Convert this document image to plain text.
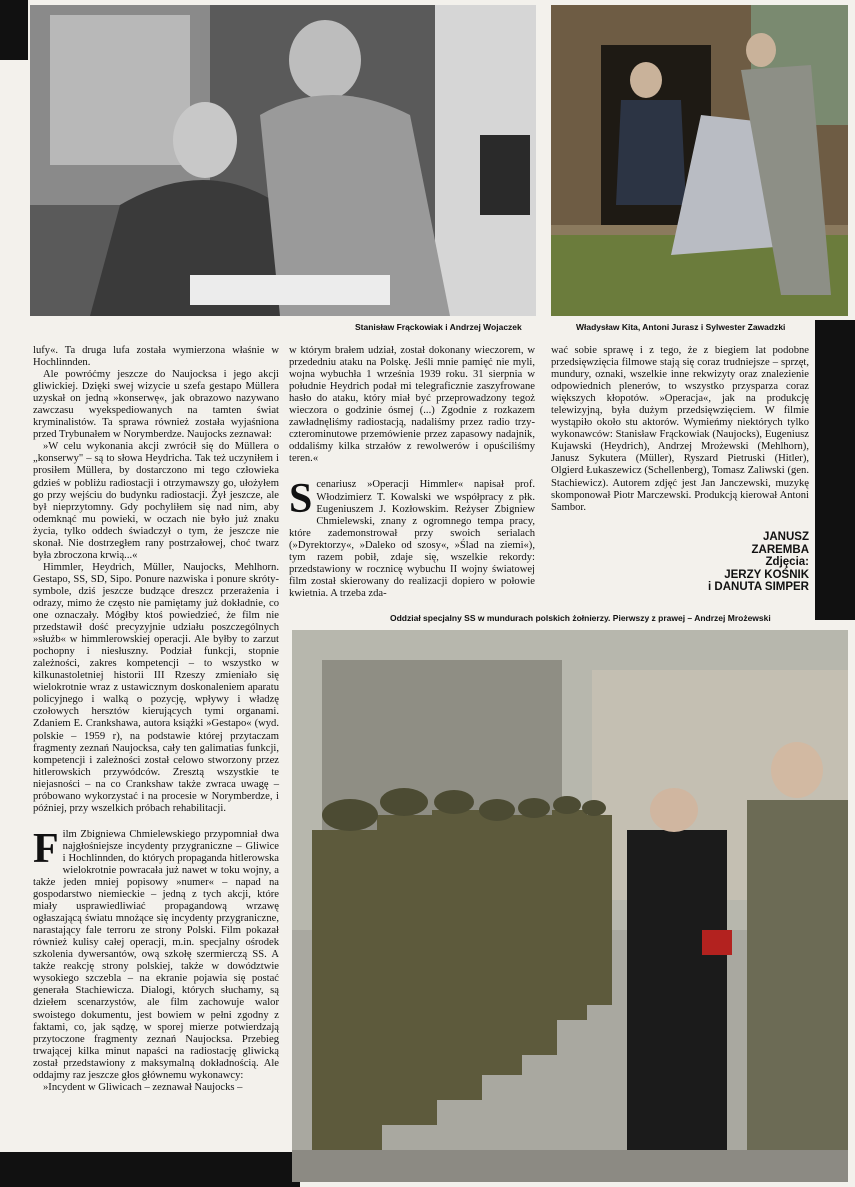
Stanisław Frąckowiak i Andrzej Wojaczek	Władysław Kita, Antoni Jurasz i Sylwester Zawadzki

lufy«. Ta druga lufa została wymierzona właśnie w Hochlinnden.

Ale powróćmy jeszcze do Naujocksa i jego akcji gliwickiej. Dzięki swej wizycie u szefa gestapo Müllera uzyskał on jedną »konserwę«, jak obrazowo nazywano zawczasu wyekspediowanych na tamten świat kryminalistów. Ta sprawa również została wyjaśniona przed Trybunałem w Norymberdze. Naujocks zeznawał:

»W celu wykonania akcji zwrócił się do Müllera o „konserwy" – są to słowa Heydricha. Tak też uczyniłem i prosiłem Müllera, by dostarczono mi tego człowieka gdzieś w pobliżu radiostacji i otrzymawszy go, ułożyłem go przy wejściu do budynku radiostacji. Żył jeszcze, ale był nieprzytomny. Gdy pochyliłem się nad nim, aby odemknąć mu powieki, w oczach nie było już znaku życia, tylko oddech świadczył o tym, że jeszcze nie skonał. Nie dostrzegłem rany postrzałowej, choć twarz była zbroczona krwią...«

Himmler, Heydrich, Müller, Naujocks, Mehlhorn. Gestapo, SS, SD, Sipo. Ponure nazwiska i ponure skróty-symbole, dziś jeszcze budzące dreszcz przerażenia i odrazy, mimo że często nie pamiętamy już dokładnie, co one oznaczały. Mógłby ktoś powiedzieć, że film nie przedstawił dość precyzyjnie udziału poszczególnych »służb« w himmlerowskiej operacji. Ale byłby to zarzut pochopny i niesłuszny. Podział funkcji, stopnie zależności, zakres kompetencji – to wszystko w kilkunastoletniej historii III Rzeszy zmieniało się wielokrotnie wraz z ustawicznym doskonaleniem aparatu policyjnego i walką o pozycję, wpływy i władzę czołowych hersztów kierujących tymi organami. Zdaniem E. Crankshawa, autora książki »Gestapo« (wyd. polskie – 1959 r), na podstawie której przytaczam fragmenty zeznań Naujocksa, cały ten galimatias funkcji, kompetencji i zależności został celowo stworzony przez hitlerowskich przywódców. Zresztą wszystkie te niejasności – na co Crankshaw także zwraca uwagę – próbowano wykorzystać i na procesie w Norymberdze, i później, przy wszelkich próbach rehabilitacji.

Film Zbigniewa Chmielewskiego przypomniał dwa najgłośniejsze incydenty przygraniczne – Gliwice i Hochlinnden, do których propaganda hitlerowska wielokrotnie powracała już nawet w toku wojny, a także jeden mniej popisowy »numer« – napad na gospodarstwo niemieckie – jedną z tych akcji, które miały usprawiedliwiać propagandową wrzawę ogłaszającą światu mnożące się incydenty przygraniczne, narastający fale terroru ze strony Polski. Film pokazał również kulisy całej operacji, m.in. specjalny ośrodek szkolenia dywersantów, ową szkołę szermierczą SS. A także reakcję strony polskiej, także w dowództwie wysokiego szczebla – na ekranie pojawia się postać generała Stachiewicza. Dialogi, których słuchamy, są dziełem scenarzystów, ale film zachowuje walor swoistego dokumentu, jest bowiem w pełni zgodny z faktami, co, jak sądzę, w sporej mierze potwierdzają przytoczone fragmenty zeznań Naujocksa. Przebieg trwającej kilka minut napaści na radiostację gliwicką został przedstawiony z maksymalną dokładnością. Ale oddajmy raz jeszcze głos głównemu wykonawcy:

»Incydent w Gliwicach – zeznawał Naujocks –

w którym brałem udział, został dokonany wieczorem, w przededniu ataku na Polskę. Jeśli mnie pamięć nie myli, wojna wybuchła 1 września 1939 roku. 31 sierpnia w południe Heydrich podał mi telegraficznie zaszyfrowane hasło do ataku, który miał być przeprowadzony tegoż wieczora o godzinie ósmej (...) Zgodnie z rozkazem zawładnęliśmy radiostacją, nadaliśmy przez radio trzy-czterominutowe przemówienie przez zapasowy nadajnik, oddaliśmy kilka strzałów z rewolwerów i opuściliśmy teren.«

Scenariusz »Operacji Himmler« napisał prof. Włodzimierz T. Kowalski we współpracy z płk. Eugeniuszem J. Kozłowskim. Reżyser Zbigniew Chmielewski, znany z ogromnego tempa pracy, które zademonstrował przy swoich serialach (»Dyrektorzy«, »Daleko od szosy«, »Ślad na ziemi«), tym razem pobił, zdaje się, wszelkie rekordy: przedstawiony w rocznicę wybuchu II wojny światowej film został skierowany do realizacji dopiero w połowie kwietnia. A trzeba zda-

wać sobie sprawę i z tego, że z biegiem lat podobne przedsięwzięcia filmowe stają się coraz trudniejsze – sprzęt, mundury, oznaki, wszelkie inne rekwizyty oraz znalezienie odpowiednich plenerów, to wszystko przysparza coraz większych kłopotów. »Operacja«, jak na produkcję telewizyjną, była dużym przedsięwzięciem. W filmie wystąpiło około stu aktorów. Wymieńmy niektórych tylko wykonawców: Stanisław Frąckowiak (Naujocks), Eugeniusz Kujawski (Heydrich), Andrzej Mrożewski (Mehlhorn), Janusz Sykutera (Müller), Ryszard Pietruski (Hitler), Olgierd Łukaszewicz (Schellenberg), Tomasz Zaliwski (gen. Stachiewicz). Autorem zdjęć jest Jan Janczewski, muzykę skomponował Piotr Marczewski. Produkcją kierował Antoni Sambor.

JANUSZ
ZAREMBA
Zdjęcia:
JERZY KOŚNIK
i DANUTA SIMPER
Oddział specjalny SS w mundurach polskich żołnierzy. Pierwszy z prawej – Andrzej Mrożewski
